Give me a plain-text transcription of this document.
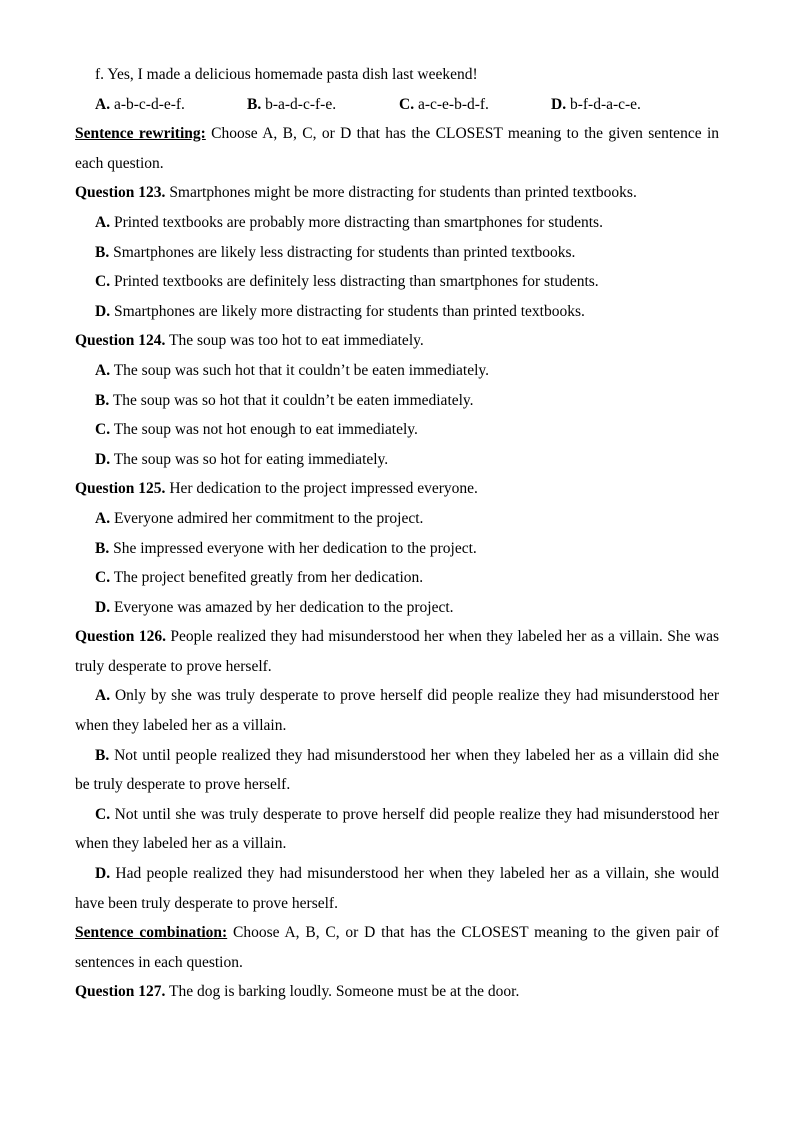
f. Yes, I made a delicious homemade pasta dish last weekend!

A. a-b-c-d-e-f.	B. b-a-d-c-f-e.	C. a-c-e-b-d-f.	D. b-f-d-a-c-e.

Sentence rewriting: Choose A, B, C, or D that has the CLOSEST meaning to the given sentence in each question.

Question 123. Smartphones might be more distracting for students than printed textbooks.

A. Printed textbooks are probably more distracting than smartphones for students.

B. Smartphones are likely less distracting for students than printed textbooks.

C. Printed textbooks are definitely less distracting than smartphones for students.

D. Smartphones are likely more distracting for students than printed textbooks.

Question 124. The soup was too hot to eat immediately.

A. The soup was such hot that it couldn’t be eaten immediately.

B. The soup was so hot that it couldn’t be eaten immediately.

C. The soup was not hot enough to eat immediately.

D. The soup was so hot for eating immediately.

Question 125. Her dedication to the project impressed everyone.

A. Everyone admired her commitment to the project.

B. She impressed everyone with her dedication to the project.

C. The project benefited greatly from her dedication.

D. Everyone was amazed by her dedication to the project.

Question 126. People realized they had misunderstood her when they labeled her as a villain. She was truly desperate to prove herself.

A. Only by she was truly desperate to prove herself did people realize they had misunderstood her when they labeled her as a villain.

B. Not until people realized they had misunderstood her when they labeled her as a villain did she be truly desperate to prove herself.

C. Not until she was truly desperate to prove herself did people realize they had misunderstood her when they labeled her as a villain.

D. Had people realized they had misunderstood her when they labeled her as a villain, she would have been truly desperate to prove herself.

Sentence combination: Choose A, B, C, or D that has the CLOSEST meaning to the given pair of sentences in each question.

Question 127. The dog is barking loudly. Someone must be at the door.
